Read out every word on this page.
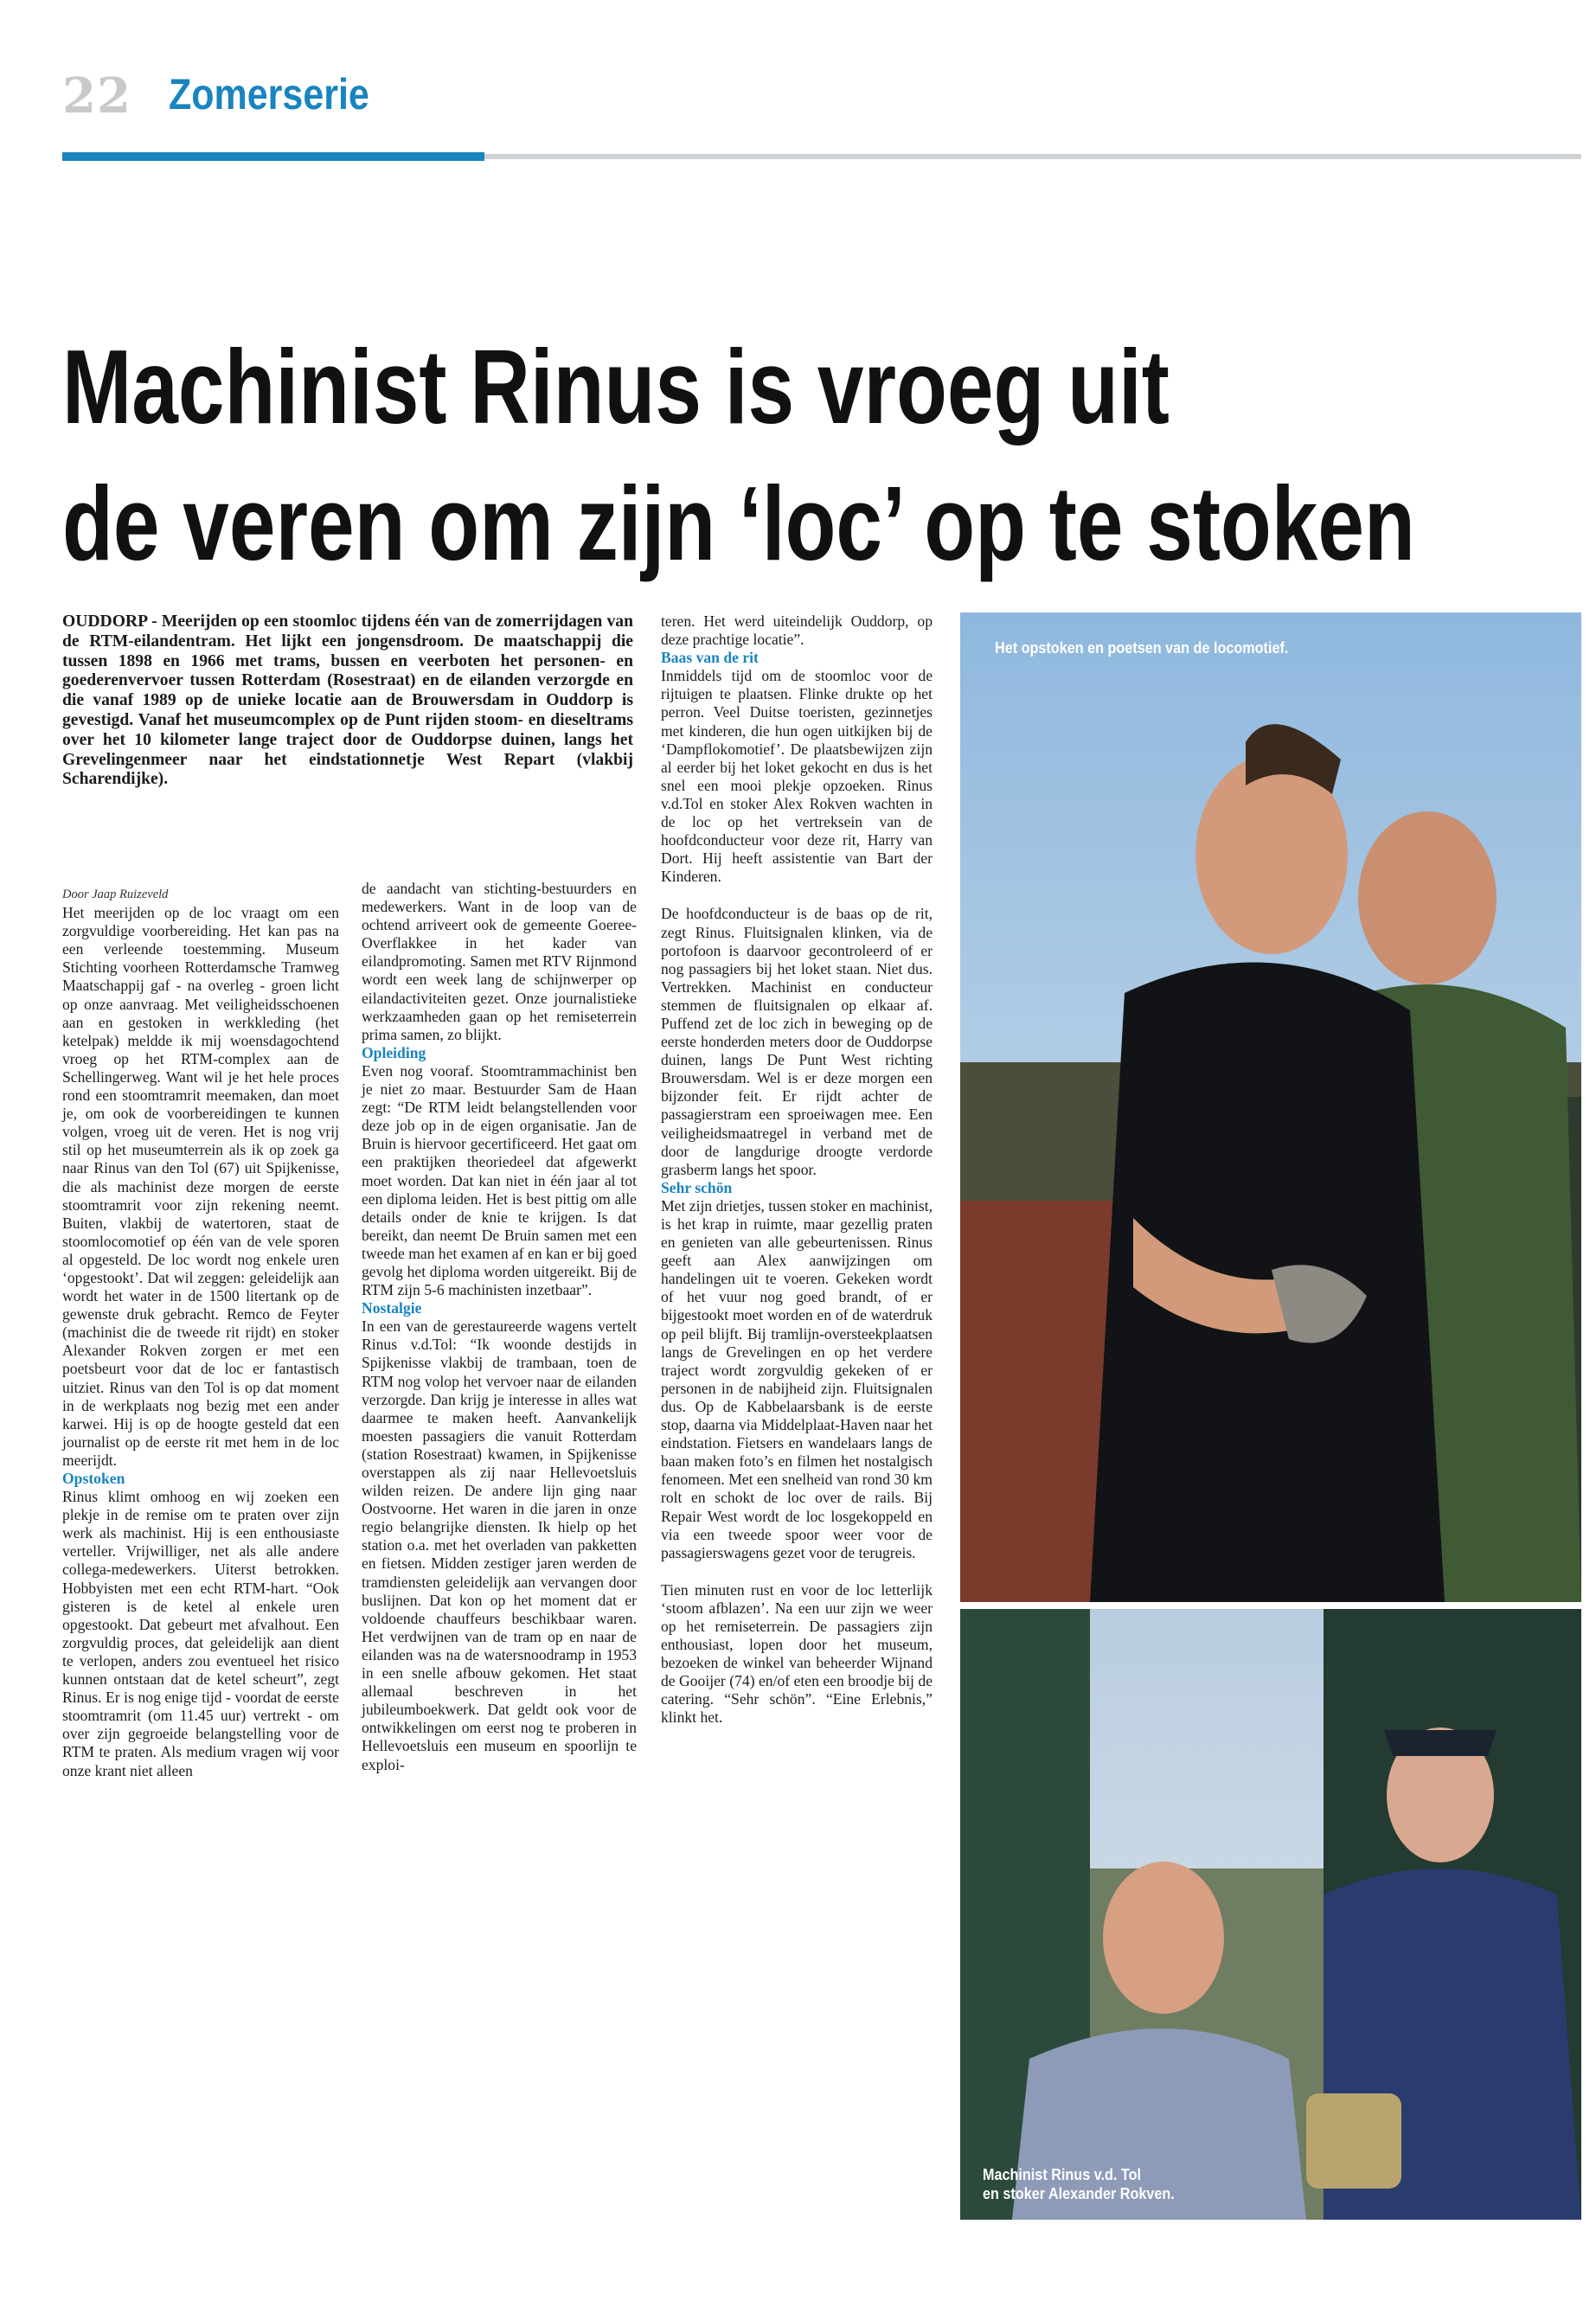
22 Zomerserie
Machinist Rinus is vroeg uit
de veren om zijn ‘loc’ op te stoken

OUDDORP - Meerijden op een stoomloc tijdens één van de zomerrijdagen van de RTM-eilandentram. Het lijkt een jongensdroom. De maatschappij die tussen 1898 en 1966 met trams, bussen en veerboten het personen- en goederenvervoer tussen Rotterdam (Rosestraat) en de eilanden verzorgde en die vanaf 1989 op de unieke locatie aan de Brouwersdam in Ouddorp is gevestigd. Vanaf het museumcomplex op de Punt rijden stoom- en dieseltrams over het 10 kilometer lange traject door de Ouddorpse duinen, langs het Grevelingenmeer naar het eindstationnetje West Repart (vlakbij Scharendijke).

Door Jaap Ruizeveld

Het meerijden op de loc vraagt om een zorgvuldige voorbereiding. Het kan pas na een verleende toestemming. Museum Stichting voorheen Rotterdamsche Tramweg Maatschappij gaf - na overleg - groen licht op onze aanvraag. Met veiligheidsschoenen aan en gestoken in werkkleding (het ketelpak) meldde ik mij woensdagochtend vroeg op het RTM-complex aan de Schellingerweg. Want wil je het hele proces rond een stoomtramrit meemaken, dan moet je, om ook de voorbereidingen te kunnen volgen, vroeg uit de veren. Het is nog vrij stil op het museumterrein als ik op zoek ga naar Rinus van den Tol (67) uit Spijkenisse, die als machinist deze morgen de eerste stoomtramrit voor zijn rekening neemt. Buiten, vlakbij de watertoren, staat de stoomlocomotief op één van de vele sporen al opgesteld. De loc wordt nog enkele uren ‘opgestookt’. Dat wil zeggen: geleidelijk aan wordt het water in de 1500 litertank op de gewenste druk gebracht. Remco de Feyter (machinist die de tweede rit rijdt) en stoker Alexander Rokven zorgen er met een poetsbeurt voor dat de loc er fantastisch uitziet. Rinus van den Tol is op dat moment in de werkplaats nog bezig met een ander karwei. Hij is op de hoogte gesteld dat een journalist op de eerste rit met hem in de loc meerijdt.

Opstoken

Rinus klimt omhoog en wij zoeken een plekje in de remise om te praten over zijn werk als machinist. Hij is een enthousiaste verteller. Vrijwilliger, net als alle andere collega-medewerkers. Uiterst betrokken. Hobbyisten met een echt RTM-hart. “Ook gisteren is de ketel al enkele uren opgestookt. Dat gebeurt met afvalhout. Een zorgvuldig proces, dat geleidelijk aan dient te verlopen, anders zou eventueel het risico kunnen ontstaan dat de ketel scheurt”, zegt Rinus. Er is nog enige tijd - voordat de eerste stoomtramrit (om 11.45 uur) vertrekt - om over zijn gegroeide belangstelling voor de RTM te praten. Als medium vragen wij voor onze krant niet alleen

de aandacht van stichting-bestuurders en medewerkers. Want in de loop van de ochtend arriveert ook de gemeente Goeree-Overflakkee in het kader van eilandpromoting. Samen met RTV Rijnmond wordt een week lang de schijnwerper op eilandactiviteiten gezet. Onze journalistieke werkzaamheden gaan op het remiseterrein prima samen, zo blijkt.

Opleiding

Even nog vooraf. Stoomtrammachinist ben je niet zo maar. Bestuurder Sam de Haan zegt: “De RTM leidt belangstellenden voor deze job op in de eigen organisatie. Jan de Bruin is hiervoor gecertificeerd. Het gaat om een praktijken theoriedeel dat afgewerkt moet worden. Dat kan niet in één jaar al tot een diploma leiden. Het is best pittig om alle details onder de knie te krijgen. Is dat bereikt, dan neemt De Bruin samen met een tweede man het examen af en kan er bij goed gevolg het diploma worden uitgereikt. Bij de RTM zijn 5-6 machinisten inzetbaar”.

Nostalgie

In een van de gerestaureerde wagens vertelt Rinus v.d.Tol: “Ik woonde destijds in Spijkenisse vlakbij de trambaan, toen de RTM nog volop het vervoer naar de eilanden verzorgde. Dan krijg je interesse in alles wat daarmee te maken heeft. Aanvankelijk moesten passagiers die vanuit Rotterdam (station Rosestraat) kwamen, in Spijkenisse overstappen als zij naar Hellevoetsluis wilden reizen. De andere lijn ging naar Oostvoorne. Het waren in die jaren in onze regio belangrijke diensten. Ik hielp op het station o.a. met het overladen van pakketten en fietsen. Midden zestiger jaren werden de tramdiensten geleidelijk aan vervangen door buslijnen. Dat kon op het moment dat er voldoende chauffeurs beschikbaar waren. Het verdwijnen van de tram op en naar de eilanden was na de watersnoodramp in 1953 in een snelle afbouw gekomen. Het staat allemaal beschreven in het jubileumboekwerk. Dat geldt ook voor de ontwikkelingen om eerst nog te proberen in Hellevoetsluis een museum en spoorlijn te exploi-

teren. Het werd uiteindelijk Ouddorp, op deze prachtige locatie”.

Baas van de rit

Inmiddels tijd om de stoomloc voor de rijtuigen te plaatsen. Flinke drukte op het perron. Veel Duitse toeristen, gezinnetjes met kinderen, die hun ogen uitkijken bij de ‘Dampflokomotief’. De plaatsbewijzen zijn al eerder bij het loket gekocht en dus is het snel een mooi plekje opzoeken. Rinus v.d.Tol en stoker Alex Rokven wachten in de loc op het vertreksein van de hoofdconducteur voor deze rit, Harry van Dort. Hij heeft assistentie van Bart der Kinderen.

De hoofdconducteur is de baas op de rit, zegt Rinus. Fluitsignalen klinken, via de portofoon is daarvoor gecontroleerd of er nog passagiers bij het loket staan. Niet dus. Vertrekken. Machinist en conducteur stemmen de fluitsignalen op elkaar af. Puffend zet de loc zich in beweging op de eerste honderden meters door de Ouddorpse duinen, langs De Punt West richting Brouwersdam. Wel is er deze morgen een bijzonder feit. Er rijdt achter de passagierstram een sproeiwagen mee. Een veiligheidsmaatregel in verband met de door de langdurige droogte verdorde grasberm langs het spoor.

Sehr schön

Met zijn drietjes, tussen stoker en machinist, is het krap in ruimte, maar gezellig praten en genieten van alle gebeurtenissen. Rinus geeft aan Alex aanwijzingen om handelingen uit te voeren. Gekeken wordt of het vuur nog goed brandt, of er bijgestookt moet worden en of de waterdruk op peil blijft. Bij tramlijn-oversteekplaatsen langs de Grevelingen en op het verdere traject wordt zorgvuldig gekeken of er personen in de nabijheid zijn. Fluitsignalen dus. Op de Kabbelaarsbank is de eerste stop, daarna via Middelplaat-Haven naar het eindstation. Fietsers en wandelaars langs de baan maken foto’s en filmen het nostalgisch fenomeen. Met een snelheid van rond 30 km rolt en schokt de loc over de rails. Bij Repair West wordt de loc losgekoppeld en via een tweede spoor weer voor de passagierswagens gezet voor de terugreis.

Tien minuten rust en voor de loc letterlijk ‘stoom afblazen’. Na een uur zijn we weer op het remiseterrein. De passagiers zijn enthousiast, lopen door het museum, bezoeken de winkel van beheerder Wijnand de Gooijer (74) en/of eten een broodje bij de catering. “Sehr schön”. “Eine Erlebnis,” klinkt het.

Het opstoken en poetsen van de locomotief.
Machinist Rinus v.d. Tol
en stoker Alexander Rokven.
